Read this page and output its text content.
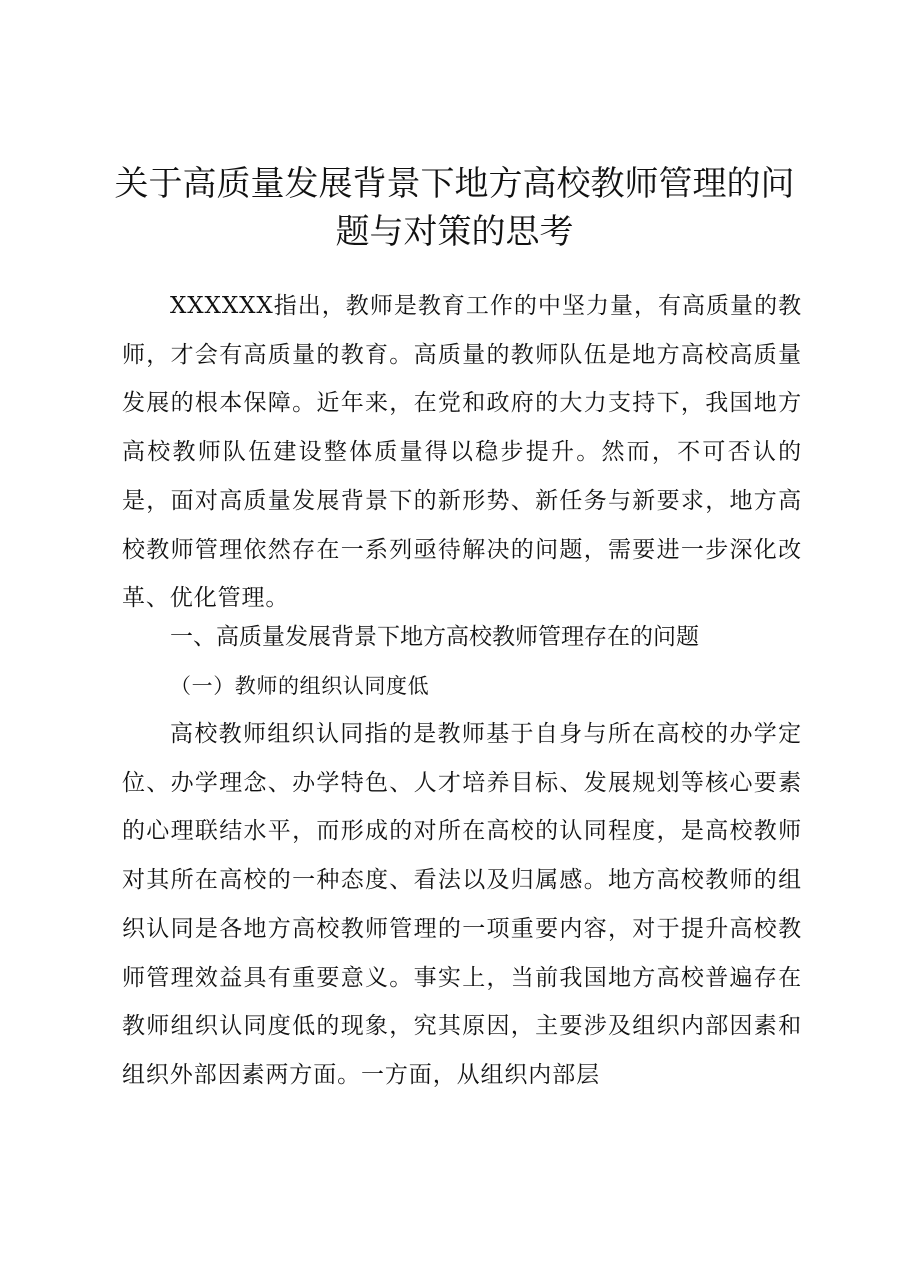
关于高质量发展背景下地方高校教师管理的问
题与对策的思考

XXXXXX指出，教师是教育工作的中坚力量，有高质量的教师，才会有高质量的教育。高质量的教师队伍是地方高校高质量发展的根本保障。近年来，在党和政府的大力支持下，我国地方高校教师队伍建设整体质量得以稳步提升。然而，不可否认的是，面对高质量发展背景下的新形势、新任务与新要求，地方高校教师管理依然存在一系列亟待解决的问题，需要进一步深化改革、优化管理。

一、高质量发展背景下地方高校教师管理存在的问题
（一）教师的组织认同度低

高校教师组织认同指的是教师基于自身与所在高校的办学定位、办学理念、办学特色、人才培养目标、发展规划等核心要素的心理联结水平，而形成的对所在高校的认同程度，是高校教师对其所在高校的一种态度、看法以及归属感。地方高校教师的组织认同是各地方高校教师管理的一项重要内容，对于提升高校教师管理效益具有重要意义。事实上，当前我国地方高校普遍存在教师组织认同度低的现象，究其原因，主要涉及组织内部因素和组织外部因素两方面。一方面，从组织内部层
